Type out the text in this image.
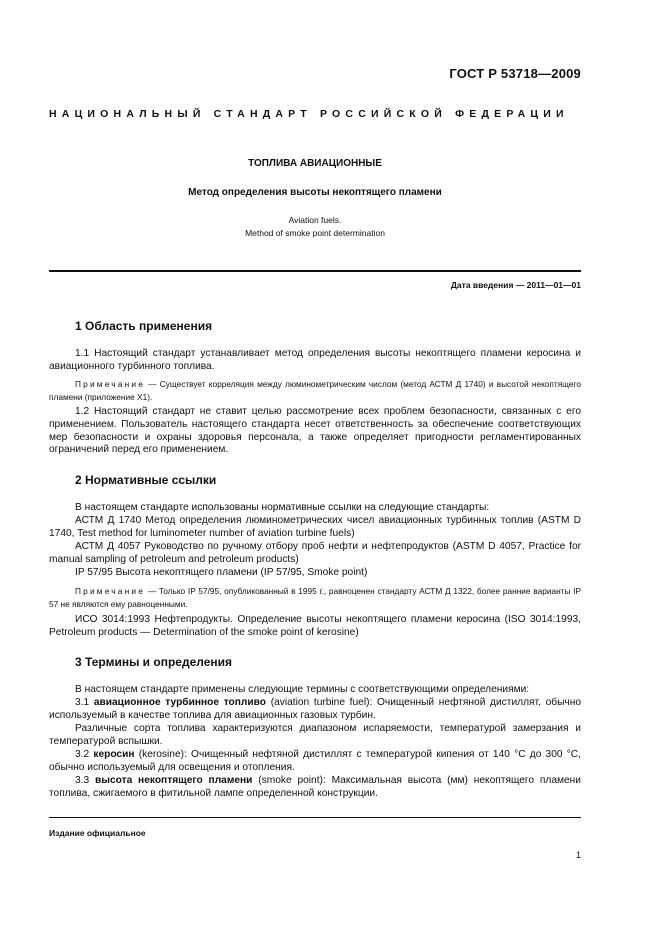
ГОСТ Р 53718—2009
НАЦИОНАЛЬНЫЙ СТАНДАРТ РОССИЙСКОЙ ФЕДЕРАЦИИ
ТОПЛИВА АВИАЦИОННЫЕ
Метод определения высоты некоптящего пламени
Aviation fuels.
Method of smoke point determination
Дата введения — 2011—01—01
1 Область применения
1.1 Настоящий стандарт устанавливает метод определения высоты некоптящего пламени керосина и авиационного турбинного топлива.
Примечание — Существует корреляция между люминометрическим числом (метод АСТМ Д 1740) и высотой некоптящего пламени (приложение Х1).
1.2 Настоящий стандарт не ставит целью рассмотрение всех проблем безопасности, связанных с его применением. Пользователь настоящего стандарта несет ответственность за обеспечение соответствующих мер безопасности и охраны здоровья персонала, а также определяет пригодности регламентированных ограничений перед его применением.
2 Нормативные ссылки
В настоящем стандарте использованы нормативные ссылки на следующие стандарты:
АСТМ Д 1740 Метод определения люминометрических чисел авиационных турбинных топлив (ASTM D 1740, Test method for luminometer number of aviation turbine fuels)
АСТМ Д 4057 Руководство по ручному отбору проб нефти и нефтепродуктов (ASTM D 4057, Practice for manual sampling of petroleum and petroleum products)
IP 57/95 Высота некоптящего пламени (IP 57/95, Smoke point)
Примечание — Только IP 57/95, опубликованный в 1995 г., равноценен стандарту АСТМ Д 1322, более ранние варианты IP 57 не являются ему равноценными.
ИСО 3014:1993 Нефтепродукты. Определение высоты некоптящего пламени керосина (ISO 3014:1993, Petroleum products — Determination of the smoke point of kerosine)
3 Термины и определения
В настоящем стандарте применены следующие термины с соответствующими определениями:
3.1 авиационное турбинное топливо (aviation turbine fuel): Очищенный нефтяной дистиллят, обычно используемый в качестве топлива для авиационных газовых турбин.
Различные сорта топлива характеризуются диапазоном испаряемости, температурой замерзания и температурой вспышки.
3.2 керосин (kerosine): Очищенный нефтяной дистиллят с температурой кипения от 140 °С до 300 °С, обычно используемый для освещения и отопления.
3.3 высота некоптящего пламени (smoke point): Максимальная высота (мм) некоптящего пламени топлива, сжигаемого в фитильной лампе определенной конструкции.
Издание официальное
1
